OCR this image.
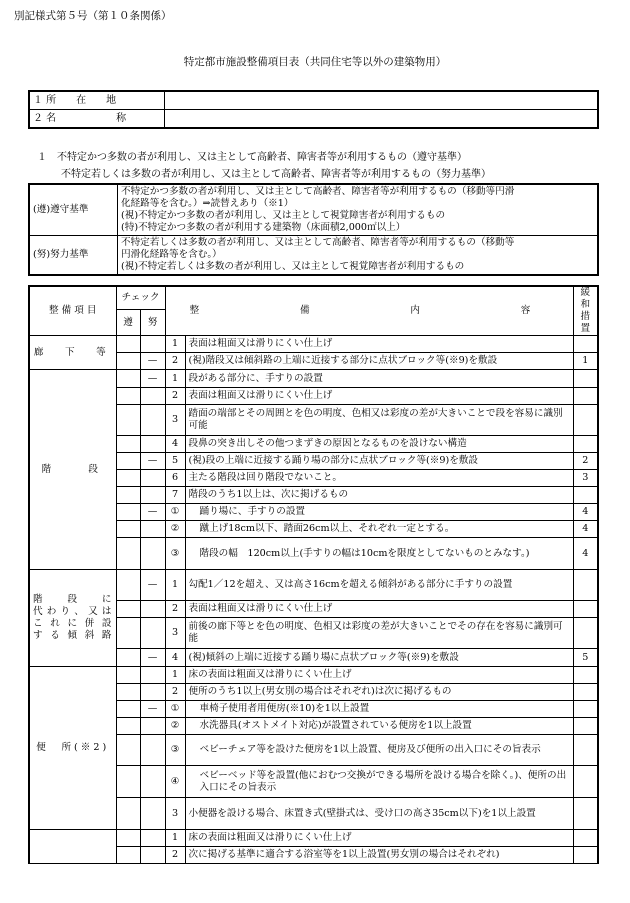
別記様式第５号（第１０条関係）
特定都市施設整備項目表（共同住宅等以外の建築物用）
１ 所　　在　　地	
２ 名　　　　　　称	
１　不特定かつ多数の者が利用し、又は主として高齢者、障害者等が利用するもの（遵守基準）
不特定若しくは多数の者が利用し、又は主として高齢者、障害者等が利用するもの（努力基準）
(遵)遵守基準	不特定かつ多数の者が利用し、又は主として高齢者、障害者等が利用するもの（移動等円滑
化経路等を含む。）⇒読替えあり（※1）
(視)不特定かつ多数の者が利用し、又は主として視覚障害者が利用するもの
(特)不特定かつ多数の者が利用する建築物（床面積2,000㎡以上）

(努)努力基準	不特定若しくは多数の者が利用し、又は主として高齢者、障害者等が利用するもの（移動等
円滑化経路等を含む。）
(視)不特定若しくは多数の者が利用し、又は主として視覚障害者が利用するもの
整 備 項 目	チェック		整　　　備　　　内　　　容		緩和措置
	遵	努			
廊　下　等			1	表面は粗面又は滑りにくい仕上げ	
		—	2	(視)階段又は傾斜路の上端に近接する部分に点状ブロック等(※9)を敷設	1
階　　段		—	1	段がある部分に、手すりの設置	
			2	表面は粗面又は滑りにくい仕上げ	
			3	踏面の端部とその周囲とを色の明度、色相又は彩度の差が大きいことで段を容易に識別可能	
			4	段鼻の突き出しその他つまずきの原因となるものを設けない構造	
		—	5	(視)段の上端に近接する踊り場の部分に点状ブロック等(※9)を敷設	2
			6	主たる階段は回り階段でないこと。	3
			7	階段のうち1以上は、次に掲げるもの	
		—	①	踊り場に、手すりの設置	4
			②	蹴上げ18cm以下、踏面26cm以上、それぞれ一定とする。	4
			③	階段の幅　120cm以上(手すりの幅は10cmを限度としてないものとみなす。)	4

階 段 に
代わり、又は
これに併設
する傾斜路		—	1	勾配1／12を超え、又は高さ16cmを超える傾斜がある部分に手すりの設置	
			2	表面は粗面又は滑りにくい仕上げ	
			3	前後の廊下等とを色の明度、色相又は彩度の差が大きいことでその存在を容易に識別可能	
		—	4	(視)傾斜の上端に近接する踊り場に点状ブロック等(※9)を敷設	5
便　所(※2)			1	床の表面は粗面又は滑りにくい仕上げ	
			2	便所のうち1以上(男女別の場合はそれぞれ)は次に掲げるもの	
		—	①	車椅子使用者用便房(※10)を1以上設置	
			②	水洗器具(オストメイト対応)が設置されている便房を1以上設置	
			③	ベビーチェア等を設けた便房を1以上設置、便房及び便所の出入口にその旨表示	
			④	ベビーベッド等を設置(他におむつ交換ができる場所を設ける場合を除く。)、便所の出入口にその旨表示	
			3	小便器を設ける場合、床置き式(壁掛式は、受け口の高さ35cm以下)を1以上設置	
			1	床の表面は粗面又は滑りにくい仕上げ	
			2	次に掲げる基準に適合する浴室等を1以上設置(男女別の場合はそれぞれ)	
